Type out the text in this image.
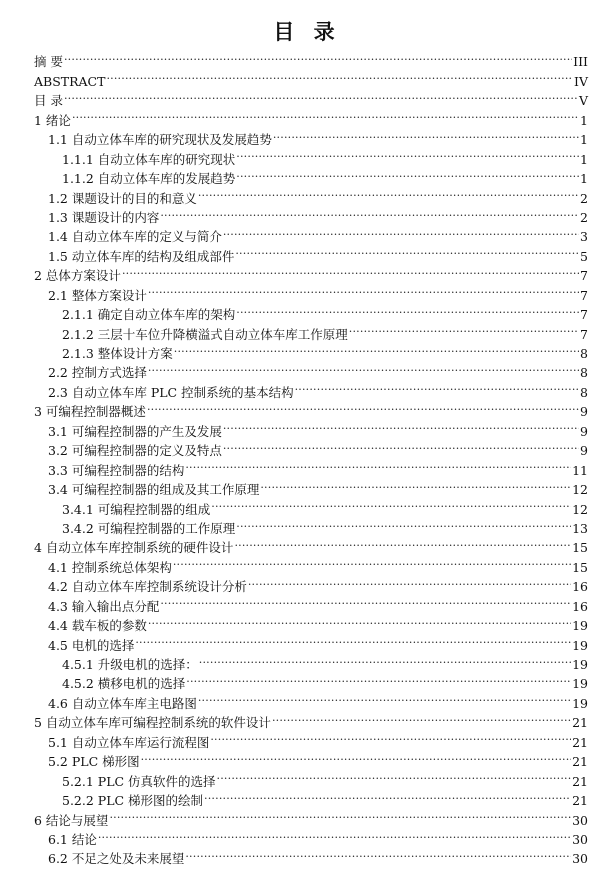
目 录
摘 要 .....	III
ABSTRACT .....	IV
目 录 .....	V
1 绪论 .....	1
1.1 自动立体车库的研究现状及发展趋势 .....	1
1.1.1 自动立体车库的研究现状 .....	1
1.1.2 自动立体车库的发展趋势 .....	1
1.2 课题设计的目的和意义 .....	2
1.3 课题设计的内容 .....	2
1.4 自动立体车库的定义与简介 .....	3
1.5 动立体车库的结构及组成部件 .....	5
2 总体方案设计 .....	7
2.1 整体方案设计 .....	7
2.1.1 确定自动立体车库的架构 .....	7
2.1.2 三层十车位升降横溢式自动立体车库工作原理 .....	7
2.1.3 整体设计方案 .....	8
2.2 控制方式选择 .....	8
2.3 自动立体车库 PLC 控制系统的基本结构 .....	8
3 可编程控制器概述 .....	9
3.1 可编程控制器的产生及发展 .....	9
3.2 可编程控制器的定义及特点 .....	9
3.3 可编程控制器的结构 .....	11
3.4 可编程控制器的组成及其工作原理 .....	12
3.4.1 可编程控制器的组成 .....	12
3.4.2 可编程控制器的工作原理 .....	13
4 自动立体车库控制系统的硬件设计 .....	15
4.1 控制系统总体架构 .....	15
4.2 自动立体车库控制系统设计分析 .....	16
4.3 输入输出点分配 .....	16
4.4 载车板的参数 .....	19
4.5 电机的选择 .....	19
4.5.1 升级电机的选择： .....	19
4.5.2 横移电机的选择 .....	19
4.6 自动立体车库主电路图 .....	19
5 自动立体车库可编程控制系统的软件设计 .....	21
5.1 自动立体车库运行流程图 .....	21
5.2 PLC 梯形图 .....	21
5.2.1 PLC 仿真软件的选择 .....	21
5.2.2 PLC 梯形图的绘制 .....	21
6 结论与展望 .....	30
6.1 结论 .....	30
6.2 不足之处及未来展望 .....	30
